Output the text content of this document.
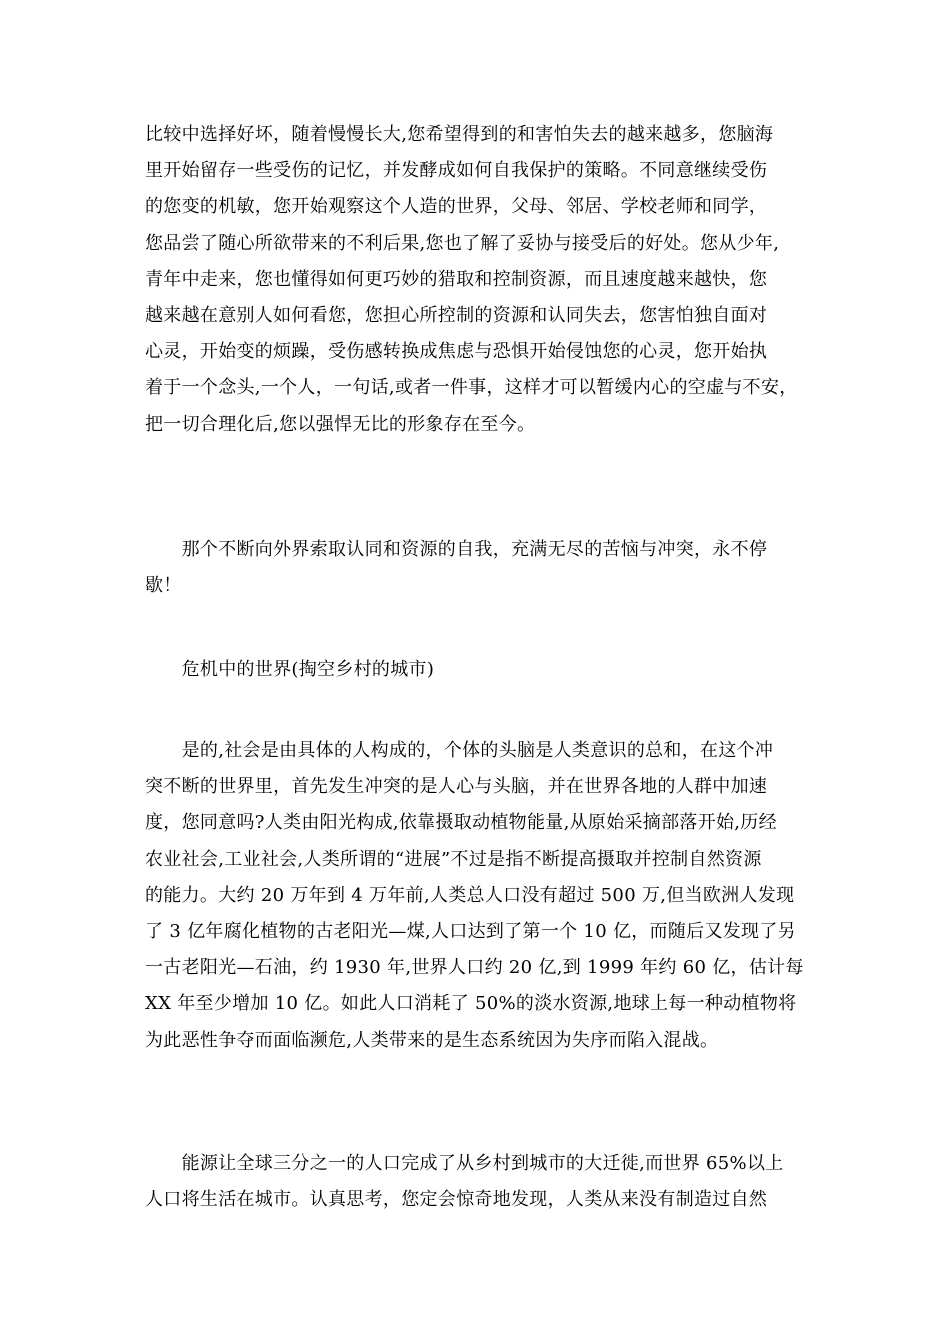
比较中选择好坏，随着慢慢长大,您希望得到的和害怕失去的越来越多，您脑海
里开始留存一些受伤的记忆，并发酵成如何自我保护的策略。不同意继续受伤
的您变的机敏，您开始观察这个人造的世界，父母、邻居、学校老师和同学，
您品尝了随心所欲带来的不利后果,您也了解了妥协与接受后的好处。您从少年,
青年中走来，您也懂得如何更巧妙的猎取和控制资源，而且速度越来越快，您
越来越在意别人如何看您，您担心所控制的资源和认同失去，您害怕独自面对
心灵，开始变的烦躁，受伤感转换成焦虑与恐惧开始侵蚀您的心灵，您开始执
着于一个念头,一个人，一句话,或者一件事，这样才可以暂缓内心的空虚与不安，
把一切合理化后,您以强悍无比的形象存在至今。
　　那个不断向外界索取认同和资源的自我，充满无尽的苦恼与冲突，永不停
歇！
　　危机中的世界(掏空乡村的城市)
　　是的,社会是由具体的人构成的，个体的头脑是人类意识的总和，在这个冲
突不断的世界里，首先发生冲突的是人心与头脑，并在世界各地的人群中加速
度，您同意吗?人类由阳光构成,依靠摄取动植物能量,从原始采摘部落开始,历经
农业社会,工业社会,人类所谓的“进展”不过是指不断提高摄取并控制自然资源
的能力。大约 20 万年到 4 万年前,人类总人口没有超过 500 万,但当欧洲人发现
了 3 亿年腐化植物的古老阳光—煤,人口达到了第一个 10 亿，而随后又发现了另
一古老阳光—石油，约 1930 年,世界人口约 20 亿,到 1999 年约 60 亿，估计每
XX 年至少增加 10 亿。如此人口消耗了 50%的淡水资源,地球上每一种动植物将
为此恶性争夺而面临濒危,人类带来的是生态系统因为失序而陷入混战。
　　能源让全球三分之一的人口完成了从乡村到城市的大迁徙,而世界 65%以上
人口将生活在城市。认真思考，您定会惊奇地发现，人类从来没有制造过自然
